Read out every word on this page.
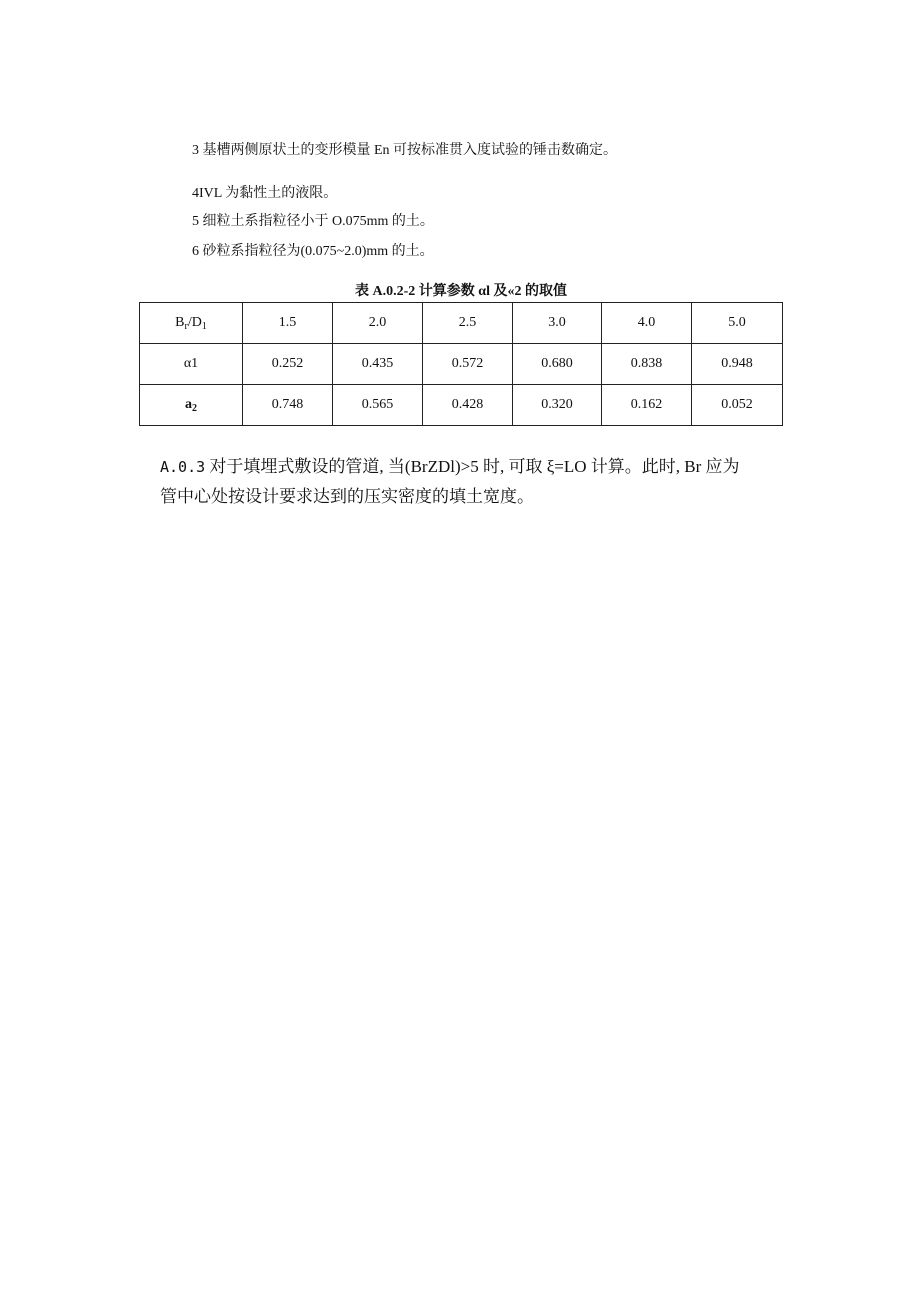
3 基槽两侧原状土的变形模量 En 可按标准贯入度试验的锤击数确定。
4IVL 为黏性土的液限。
5 细粒土系指粒径小于 O.075mm 的土。
6 砂粒系指粒径为(0.075~2.0)mm 的土。
表 A.0.2-2 计算参数 αl 及«2 的取值
$B_r/D_1$	1.5	2.0	2.5	3.0	4.0	5.0
α1	0.252	0.435	0.572	0.680	0.838	0.948
$a_2$	0.748	0.565	0.428	0.320	0.162	0.052
A.0.3 对于填埋式敷设的管道, 当(BrZDl)>5 时, 可取 ξ=LO 计算。此时, Br 应为
管中心处按设计要求达到的压实密度的填土宽度。
